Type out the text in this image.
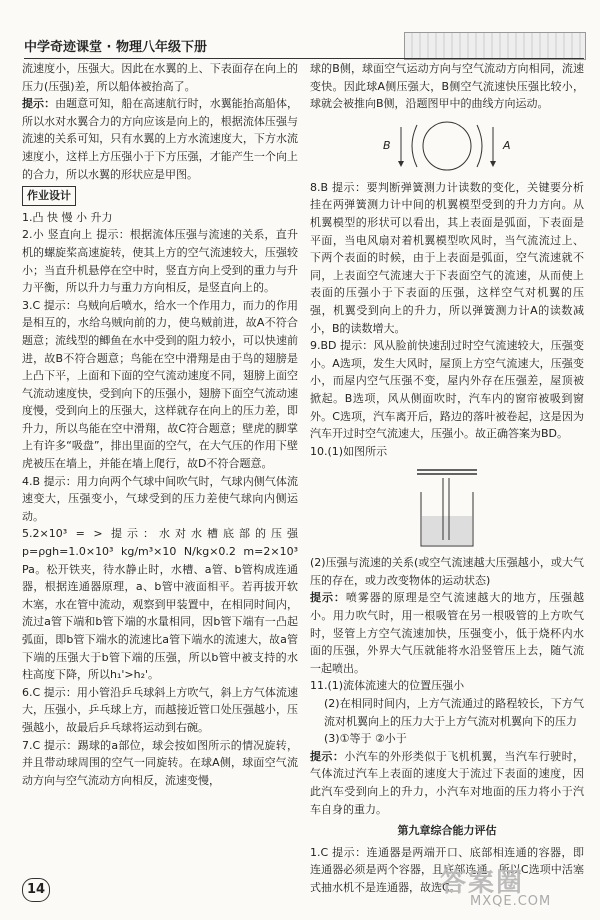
中学奇迹课堂 · 物理八年级下册

流速度小，压强大。因此在水翼的上、下表面存在向上的压力(压强)差，所以船体被抬高了。

提示：由题意可知，船在高速航行时，水翼能抬高船体，所以水对水翼合力的方向应该是向上的，根据流体压强与流速的关系可知，只有水翼的上方水流速度大，下方水流速度小，这样上方压强小于下方压强，才能产生一个向上的合力，所以水翼的形状应是甲图。

作业设计

1.凸 快 慢 小 升力

2.小 竖直向上 提示：根据流体压强与流速的关系，直升机的螺旋桨高速旋转，使其上方的空气流速较大，压强较小；当直升机悬停在空中时，竖直方向上受到的重力与升力平衡，所以升力与重力方向相反，是竖直向上的。

3.C 提示：乌贼向后喷水，给水一个作用力，而力的作用是相互的，水给乌贼向前的力，使乌贼前进，故A不符合题意；流线型的鲫鱼在水中受到的阻力较小，可以快速前进，故B不符合题意；鸟能在空中滑翔是由于鸟的翅膀是上凸下平，上面和下面的空气流动速度不同，翅膀上面空气流动速度快，受到向下的压强小，翅膀下面空气流动速度慢，受到向上的压强大，这样就存在向上的压力差，即升力，所以鸟能在空中滑翔，故C符合题意；壁虎的脚掌上有许多“吸盘”，排出里面的空气，在大气压的作用下壁虎被压在墙上，并能在墙上爬行，故D不符合题意。

4.B 提示：用力向两个气球中间吹气时，气球内侧气体流速变大，压强变小，气球受到的压力差使气球向内侧运动。

5.2×10³ = > 提示：水对水槽底部的压强 p=ρgh=1.0×10³ kg/m³×10 N/kg×0.2 m=2×10³ Pa。松开铁夹，待水静止时，水槽、a管、b管构成连通器，根据连通器原理，a、b管中液面相平。若再拔开软木塞，水在管中流动，观察到甲装置中，在相同时间内，流过a管下端和b管下端的水量相同，因b管下端有一凸起弧面，即b管下端水的流速比a管下端水的流速大，故a管下端的压强大于b管下端的压强，所以b管中被支持的水柱高度下降，所以h₁'>h₂'。

6.C 提示：用小管沿乒乓球斜上方吹气，斜上方气体流速大，压强小，乒乓球上方，而越接近管口处压强越小，压强越小，故最后乒乓球将运动到右碗。

7.C 提示：踢球的a部位，球会按如图所示的情况旋转，并且带动球周围的空气一同旋转。在球A侧，球面空气流动方向与空气流动方向相反，流速变慢，

球的B侧，球面空气运动方向与空气流动方向相同，流速变快。因此球A侧压强大，B侧空气流速快压强比较小，球就会被推向B侧，沿题图甲中的曲线方向运动。

B	A

8.B 提示：要判断弹簧测力计读数的变化，关键要分析挂在两弹簧测力计中间的机翼模型受到的升力方向。从机翼模型的形状可以看出，其上表面是弧面，下表面是平面，当电风扇对着机翼模型吹风时，当气流流过上、下两个表面的时候，由于上表面是弧面，空气流速就不同，上表面空气流速大于下表面空气的流速，从而使上表面的压强小于下表面的压强，这样空气对机翼的压强，机翼受到向上的升力，所以弹簧测力计A的读数减小，B的读数增大。

9.BD 提示：风从脸前快速刮过时空气流速较大，压强变小。A选项，发生大风时，屋顶上方空气流速大，压强变小，而屋内空气压强不变，屋内外存在压强差，屋顶被掀起。B选项，风从侧面吹时，汽车内的窗帘被吸到窗外。C选项，汽车离开后，路边的落叶被卷起，这是因为汽车开过时空气流速大，压强小。故正确答案为BD。

10.(1)如图所示

(2)压强与流速的关系(或空气流速越大压强越小，或大气压的存在，或力改变物体的运动状态)

提示：喷雾器的原理是空气流速越大的地方，压强越小。用力吹气时，用一根吸管在另一根吸管的上方吹气时，竖管上方空气流速加快，压强变小，低于烧杯内水面的压强，外界大气压就能将水沿竖管压上去，随气流一起喷出。

11.(1)流体流速大的位置压强小

(2)在相同时间内，上方气流通过的路程较长，下方气流对机翼向上的压力大于上方气流对机翼向下的压力

(3)①等于 ②小于

提示：小汽车的外形类似于飞机机翼，当汽车行驶时，气体流过汽车上表面的速度大于流过下表面的速度，因此汽车受到向上的升力，小汽车对地面的压力将小于汽车自身的重力。

第九章综合能力评估

1.C 提示：连通器是两端开口、底部相连通的容器，即连通器必须是两个容器，且底部连通，所以C选项中活塞式抽水机不是连通器，故选C。

14	答案圈
MXQE.COM
